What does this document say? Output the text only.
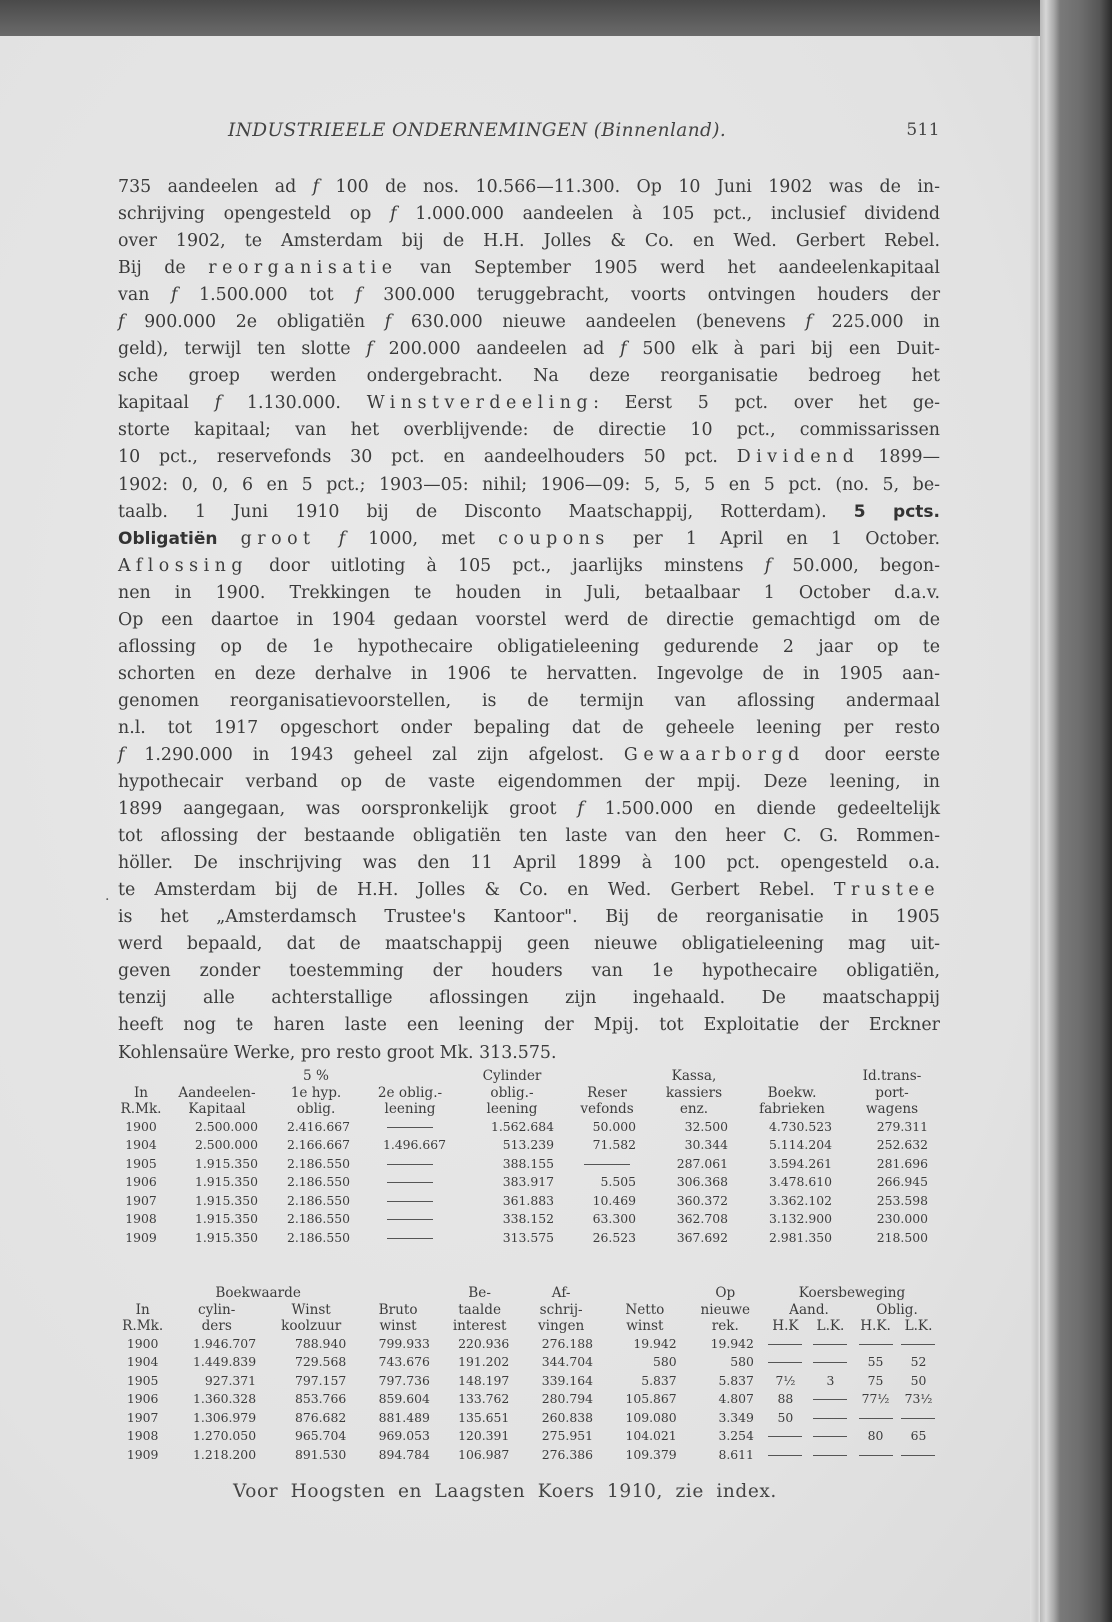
INDUSTRIEELE ONDERNEMINGEN (Binnenland).	511
735 aandeelen ad f 100 de nos. 10.566—11.300. Op 10 Juni 1902 was de in-
schrijving opengesteld op f 1.000.000 aandeelen à 105 pct., inclusief dividend
over 1902, te Amsterdam bij de H.H. Jolles & Co. en Wed. Gerbert Rebel.
Bij de reorganisatie van September 1905 werd het aandeelenkapitaal
van f 1.500.000 tot f 300.000 teruggebracht, voorts ontvingen houders der
f 900.000 2e obligatiën f 630.000 nieuwe aandeelen (benevens f 225.000 in
geld), terwijl ten slotte f 200.000 aandeelen ad f 500 elk à pari bij een Duit-
sche groep werden ondergebracht. Na deze reorganisatie bedroeg het
kapitaal f 1.130.000. Winstverdeeling: Eerst 5 pct. over het ge-
storte kapitaal; van het overblijvende: de directie 10 pct., commissarissen
10 pct., reservefonds 30 pct. en aandeelhouders 50 pct. Dividend 1899—
1902: 0, 0, 6 en 5 pct.; 1903—05: nihil; 1906—09: 5, 5, 5 en 5 pct. (no. 5, be-
taalb. 1 Juni 1910 bij de Disconto Maatschappij, Rotterdam). 5 pcts.
Obligatiën groot f 1000, met coupons per 1 April en 1 October.
Aflossing door uitloting à 105 pct., jaarlijks minstens f 50.000, begon-
nen in 1900. Trekkingen te houden in Juli, betaalbaar 1 October d.a.v.
Op een daartoe in 1904 gedaan voorstel werd de directie gemachtigd om de
aflossing op de 1e hypothecaire obligatieleening gedurende 2 jaar op te
schorten en deze derhalve in 1906 te hervatten. Ingevolge de in 1905 aan-
genomen reorganisatievoorstellen, is de termijn van aflossing andermaal
n.l. tot 1917 opgeschort onder bepaling dat de geheele leening per resto
f 1.290.000 in 1943 geheel zal zijn afgelost. Gewaarborgd door eerste
hypothecair verband op de vaste eigendommen der mpij. Deze leening, in
1899 aangegaan, was oorspronkelijk groot f 1.500.000 en diende gedeeltelijk
tot aflossing der bestaande obligatiën ten laste van den heer C. G. Rommen-
höller. De inschrijving was den 11 April 1899 à 100 pct. opengesteld o.a.
te Amsterdam bij de H.H. Jolles & Co. en Wed. Gerbert Rebel. Trustee
is het „Amsterdamsch Trustee's Kantoor". Bij de reorganisatie in 1905
werd bepaald, dat de maatschappij geen nieuwe obligatieleening mag uit-
geven zonder toestemming der houders van 1e hypothecaire obligatiën,
tenzij alle achterstallige aflossingen zijn ingehaald. De maatschappij
heeft nog te haren laste een leening der Mpij. tot Exploitatie der Erckner
Kohlensaüre Werke, pro resto groot Mk. 313.575.
.
		5 %		Cylinder		Kassa,		Id.trans-
In	Aandeelen-	1e hyp.	2e oblig.-	oblig.-	Reser	kassiers	Boekw.	port-
R.Mk.	Kapitaal	oblig.	leening	leening	vefonds	enz.	fabrieken	wagens
1900	2.500.000	2.416.667		1.562.684	50.000	32.500	4.730.523	279.311
1904	2.500.000	2.166.667	1.496.667	513.239	71.582	30.344	5.114.204	252.632
1905	1.915.350	2.186.550		388.155		287.061	3.594.261	281.696
1906	1.915.350	2.186.550		383.917	5.505	306.368	3.478.610	266.945
1907	1.915.350	2.186.550		361.883	10.469	360.372	3.362.102	253.598
1908	1.915.350	2.186.550		338.152	63.300	362.708	3.132.900	230.000
1909	1.915.350	2.186.550		313.575	26.523	367.692	2.981.350	218.500
	Boekwaarde			Be-	Af-		Op	Koersbeweging			
In	cylin-	Winst	Bruto	taalde	schrij-	Netto	nieuwe	Aand.		Oblig.	
R.Mk.	ders	koolzuur	winst	interest	vingen	winst	rek.	H.K	L.K.	H.K.	L.K.
1900	1.946.707	788.940	799.933	220.936	276.188	19.942	19.942				
1904	1.449.839	729.568	743.676	191.202	344.704	580	580			55	52
1905	927.371	797.157	797.736	148.197	339.164	5.837	5.837	7½	3	75	50
1906	1.360.328	853.766	859.604	133.762	280.794	105.867	4.807	88		77½	73½
1907	1.306.979	876.682	881.489	135.651	260.838	109.080	3.349	50			
1908	1.270.050	965.704	969.053	120.391	275.951	104.021	3.254			80	65
1909	1.218.200	891.530	894.784	106.987	276.386	109.379	8.611				
Voor Hoogsten en Laagsten Koers 1910, zie index.
